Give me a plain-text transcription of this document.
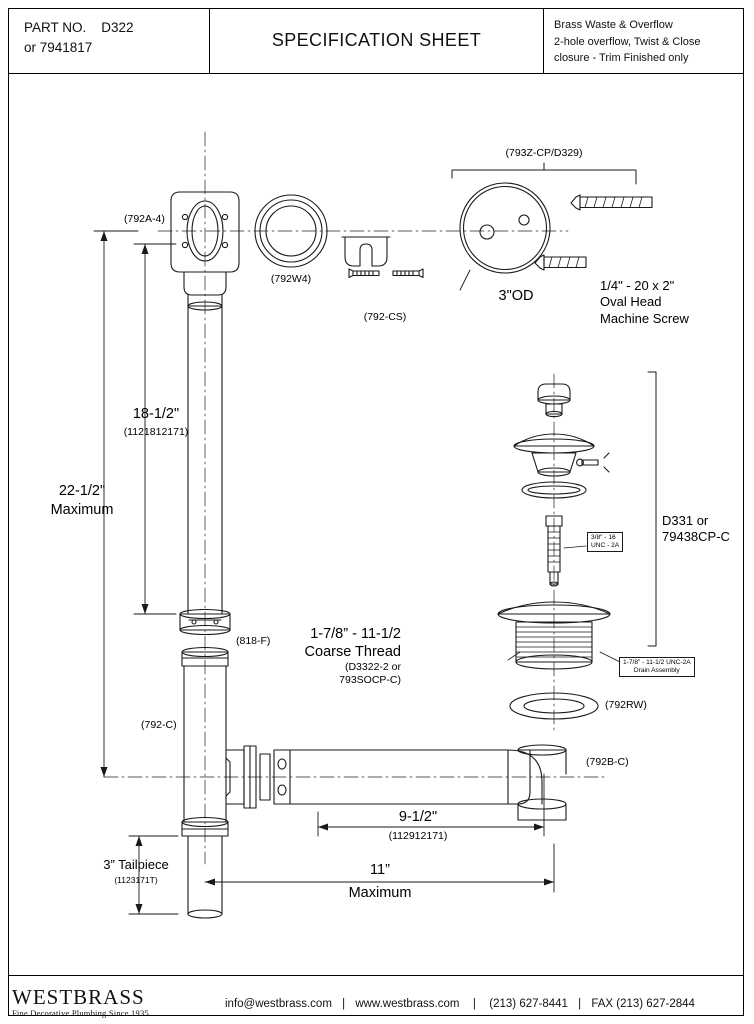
PART NO. D322
or 7941817	SPECIFICATION SHEET
Brass Waste & Overflow
2-hole overflow, Twist & Close
closure - Trim Finished only
(792A-4)
(792W4)
(792-CS)
(793Z-CP/D329)
3"OD
1/4" - 20 x 2"
Oval Head
Machine Screw
18-1/2"
(1121812171)
22-1/2"
Maximum
(818-F)
(792-C)
3” Tailpiece
(1123171T)
9-1/2"
(112912171)
11”
Maximum
D331 or
79438CP-C
3/8" - 16
UNC - 2A
1-7/8” - 11-1/2
Coarse Thread
(D3322-2 or
793SOCP-C)
1-7/8” - 11-1/2 UNC-2A
Drain Assembly
(792RW)
(792B-C)
WESTBRASS
Fine Decorative Plumbing Since 1935
info@westbrass.com | www.westbrass.com  |  (213) 627-8441 | FAX (213) 627-2844
